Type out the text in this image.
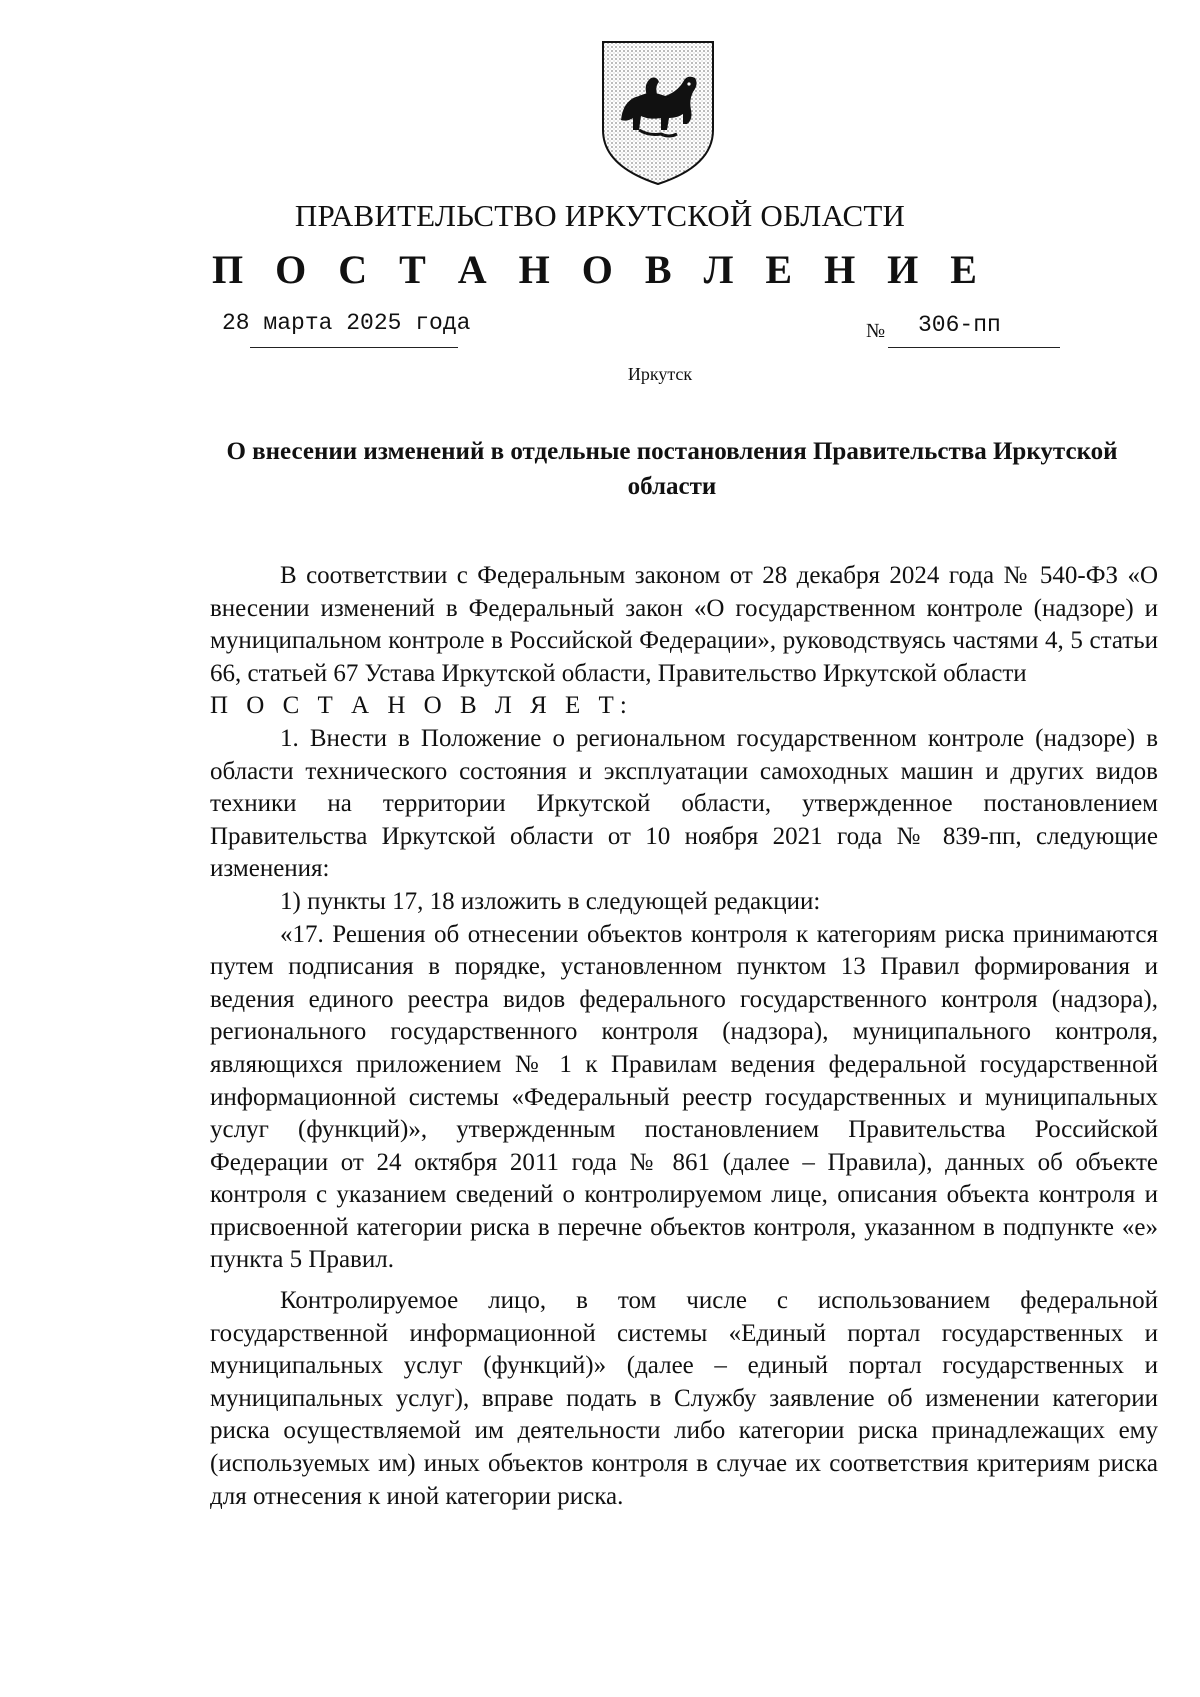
ПРАВИТЕЛЬСТВО ИРКУТСКОЙ ОБЛАСТИ
П О С Т А Н О В Л Е Н И Е
28 марта 2025 года	№ 306-пп
Иркутск
О внесении изменений в отдельные постановления Правительства Иркутской области

В соответствии с Федеральным законом от 28 декабря 2024 года № 540-ФЗ «О внесении изменений в Федеральный закон «О государственном контроле (надзоре) и муниципальном контроле в Российской Федерации», руководствуясь частями 4, 5 статьи 66, статьей 67 Устава Иркутской области, Правительство Иркутской области

П О С Т А Н О В Л Я Е Т:

1. Внести в Положение о региональном государственном контроле (надзоре) в области технического состояния и эксплуатации самоходных машин и других видов техники на территории Иркутской области, утвержденное постановлением Правительства Иркутской области от 10 ноября 2021 года № 839-пп, следующие изменения:

1) пункты 17, 18 изложить в следующей редакции:

«17. Решения об отнесении объектов контроля к категориям риска принимаются путем подписания в порядке, установленном пунктом 13 Правил формирования и ведения единого реестра видов федерального государственного контроля (надзора), регионального государственного контроля (надзора), муниципального контроля, являющихся приложением № 1 к Правилам ведения федеральной государственной информационной системы «Федеральный реестр государственных и муниципальных услуг (функций)», утвержденным постановлением Правительства Российской Федерации от 24 октября 2011 года № 861 (далее – Правила), данных об объекте контроля с указанием сведений о контролируемом лице, описания объекта контроля и присвоенной категории риска в перечне объектов контроля, указанном в подпункте «е» пункта 5 Правил.

Контролируемое лицо, в том числе с использованием федеральной государственной информационной системы «Единый портал государственных и муниципальных услуг (функций)» (далее – единый портал государственных и муниципальных услуг), вправе подать в Службу заявление об изменении категории риска осуществляемой им деятельности либо категории риска принадлежащих ему (используемых им) иных объектов контроля в случае их соответствия критериям риска для отнесения к иной категории риска.
